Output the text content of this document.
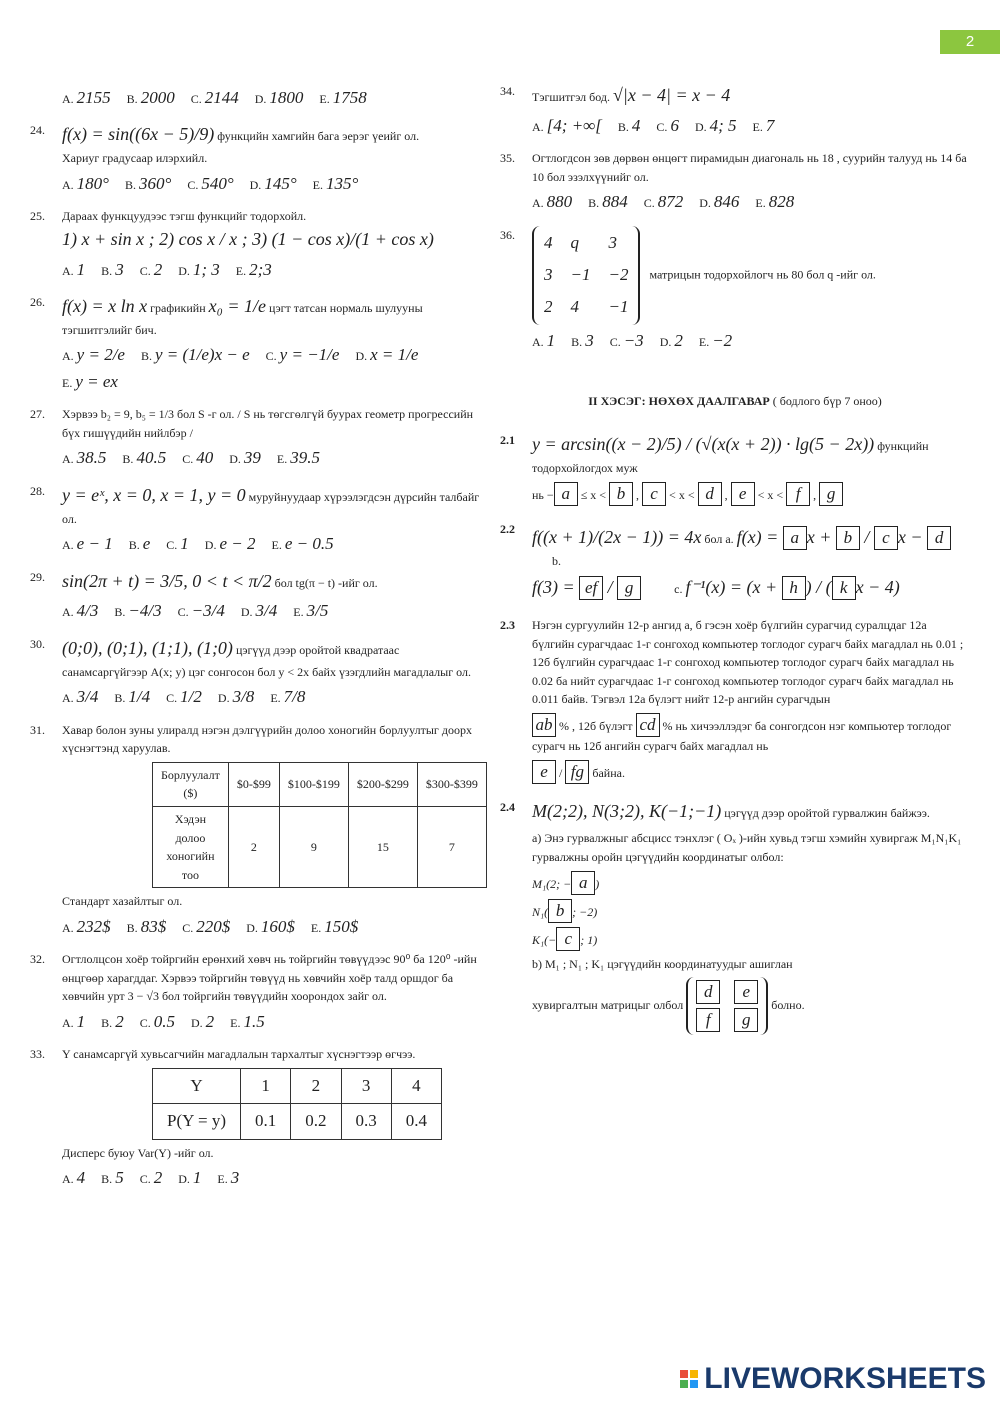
2
A. 2155 B. 2000 C. 2144 D. 1800 E. 1758
24. f(x) = sin((6x − 5)/9) функцийн хамгийн бага эерэг үеийг ол.
Хариуг градусаар илэрхийл.
A. 180° B. 360° C. 540° D. 145° E. 135°
25.	Дараах функцуудээс тэгш функцийг тодорхойл.
1) x + sin x ; 2) cos x / x ; 3) (1 − cos x)/(1 + cos x)
A. 1 B. 3 C. 2 D. 1; 3 E. 2;3
26. f(x) = x ln x графикийн x₀ = 1/e цэгт татсан нормаль шулууны тэгшитгэлийг бич.
A. y = 2/e B. y = (1/e)x − e C. y = −1/e D. x = 1/eE. y = ex
27.	Хэрвээ b₂ = 9, b₅ = 1/3 бол S -г ол. / S нь төгсгөлгүй буурах геометр прогрессийн бүх гишүүдийн нийлбэр /
A. 38.5 B. 40.5 C. 40 D. 39 E. 39.5
28. y = eˣ, x = 0, x = 1, y = 0 муруйнуудаар хүрээлэгдсэн дүрсийн талбайг ол.
A. e − 1 B. e C. 1 D. e − 2 E. e − 0.5
29. sin(2π + t) = 3/5, 0 < t < π/2 бол tg(π − t) -ийг ол.
A. 4/3 B. −4/3 C. −3/4 D. 3/4 E. 3/5
30. (0;0), (0;1), (1;1), (1;0) цэгүүд дээр оройтой квадратаас санамсаргүйгээр A(x; y) цэг сонгосон бол y < 2x байх үзэгдлийн магадлалыг ол.
A. 3/4 B. 1/4 C. 1/2 D. 3/8 E. 7/8
31.	Хавар болон зуны улиралд нэгэн дэлгүүрийн долоо хоногийн борлуултыг доорх хүснэгтэнд харуулав.
Борлуулалт ($)	$0-$99	$100-$199	$200-$299	$300-$399
Хэдэн долоо хоногийн тоо	2	9	15	7
Стандарт хазайлтыг ол.
A. 232$ B. 83$ C. 220$ D. 160$ E. 150$
32.	Огтлолцсон хоёр тойргийн ерөнхий хөвч нь тойргийн төвүүдээс 90⁰ ба 120⁰ -ийн өнцгөөр харагддаг. Хэрвээ тойргийн төвүүд нь хөвчийн хоёр талд оршдог ба хөвчийн урт 3 − √3 бол тойргийн төвүүдийн хоорондох зайг ол.
A. 1 B. 2 C. 0.5 D. 2 E. 1.5
33.	Y санамсаргүй хувьсагчийн магадлалын тархалтыг хүснэгтээр өгчээ.
Y	1	2	3	4
P(Y = y)	0.1	0.2	0.3	0.4
Дисперс буюу Var(Y) -ийг ол.
A. 4 B. 5 C. 2 D. 1 E. 3
34.	Тэгшитгэл бод. √|x − 4| = x − 4
A. [4; +∞[ B. 4 C. 6 D. 4; 5 E. 7
35.	Огтлогдсон зөв дөрвөн өнцөгт пирамидын диагональ нь 18 , суурийн талууд нь 14 ба 10 бол эзэлхүүнийг ол.
A. 880 B. 884 C. 872 D. 846 E. 828
36.	4	q	3
3	−1	−2
2	4	−1 матрицын тодорхойлогч нь 80 бол q -ийг ол.
A. 1 B. 3 C. −3 D. 2 E. −2
II ХЭСЭГ: НӨХӨХ ДААЛГАВАР ( бодлого бүр 7 оноо)
2.1 y = arcsin((x − 2)/5) / (√(x(x + 2)) · lg(5 − 2x)) функцийн тодорхойлогдох муж
нь − a ≤ x < b , c < x < d , e < x < f , g
2.2 f((x + 1)/(2x − 1)) = 4x бол a. f(x) = a x + b / c x − d b.
f(3) = ef / g	c. f⁻¹(x) = (x + h ) / ( k x − 4)
2.3	Нэгэн сургуулийн 12-р ангид а, б гэсэн хоёр бүлгийн сурагчид суралцдаг 12а бүлгийн сурагчдаас 1-г сонгоход компьютер тоглодог сурагч байх магадлал нь 0.01 ; 12б бүлгийн сурагчдаас 1-г сонгоход компьютер тоглодог сурагч байх магадлал нь 0.02 ба нийт сурагчдаас 1-г сонгоход компьютер тоглодог сурагч байх магадлал нь 0.011 байв. Тэгвэл 12а бүлэгт нийт 12-р ангийн сурагчдын
ab % , 12б бүлэгт cd % нь хичээллэдэг ба сонгогдсон нэг компьютер тоглодог сурагч нь 12б ангийн сурагч байх магадлал нь
e / fg байна.
2.4 M(2;2), N(3;2), K(−1;−1) цэгүүд дээр оройтой гурвалжин байжээ.
a) Энэ гурвалжныг абсцисс тэнхлэг ( Oₓ )-ийн хувьд тэгш хэмийн хувиргаж M₁N₁K₁ гурвалжны оройн цэгүүдийн координатыг олбол:
M₁(2; − a )
N₁( b ; −2)
K₁(− c ; 1)
b) M₁ ; N₁ ; K₁ цэгүүдийн координатуудыг ашиглан
хувиргалтын матрицыг олбол
d	e
f	g
болно.
LIVEWORKSHEETS
